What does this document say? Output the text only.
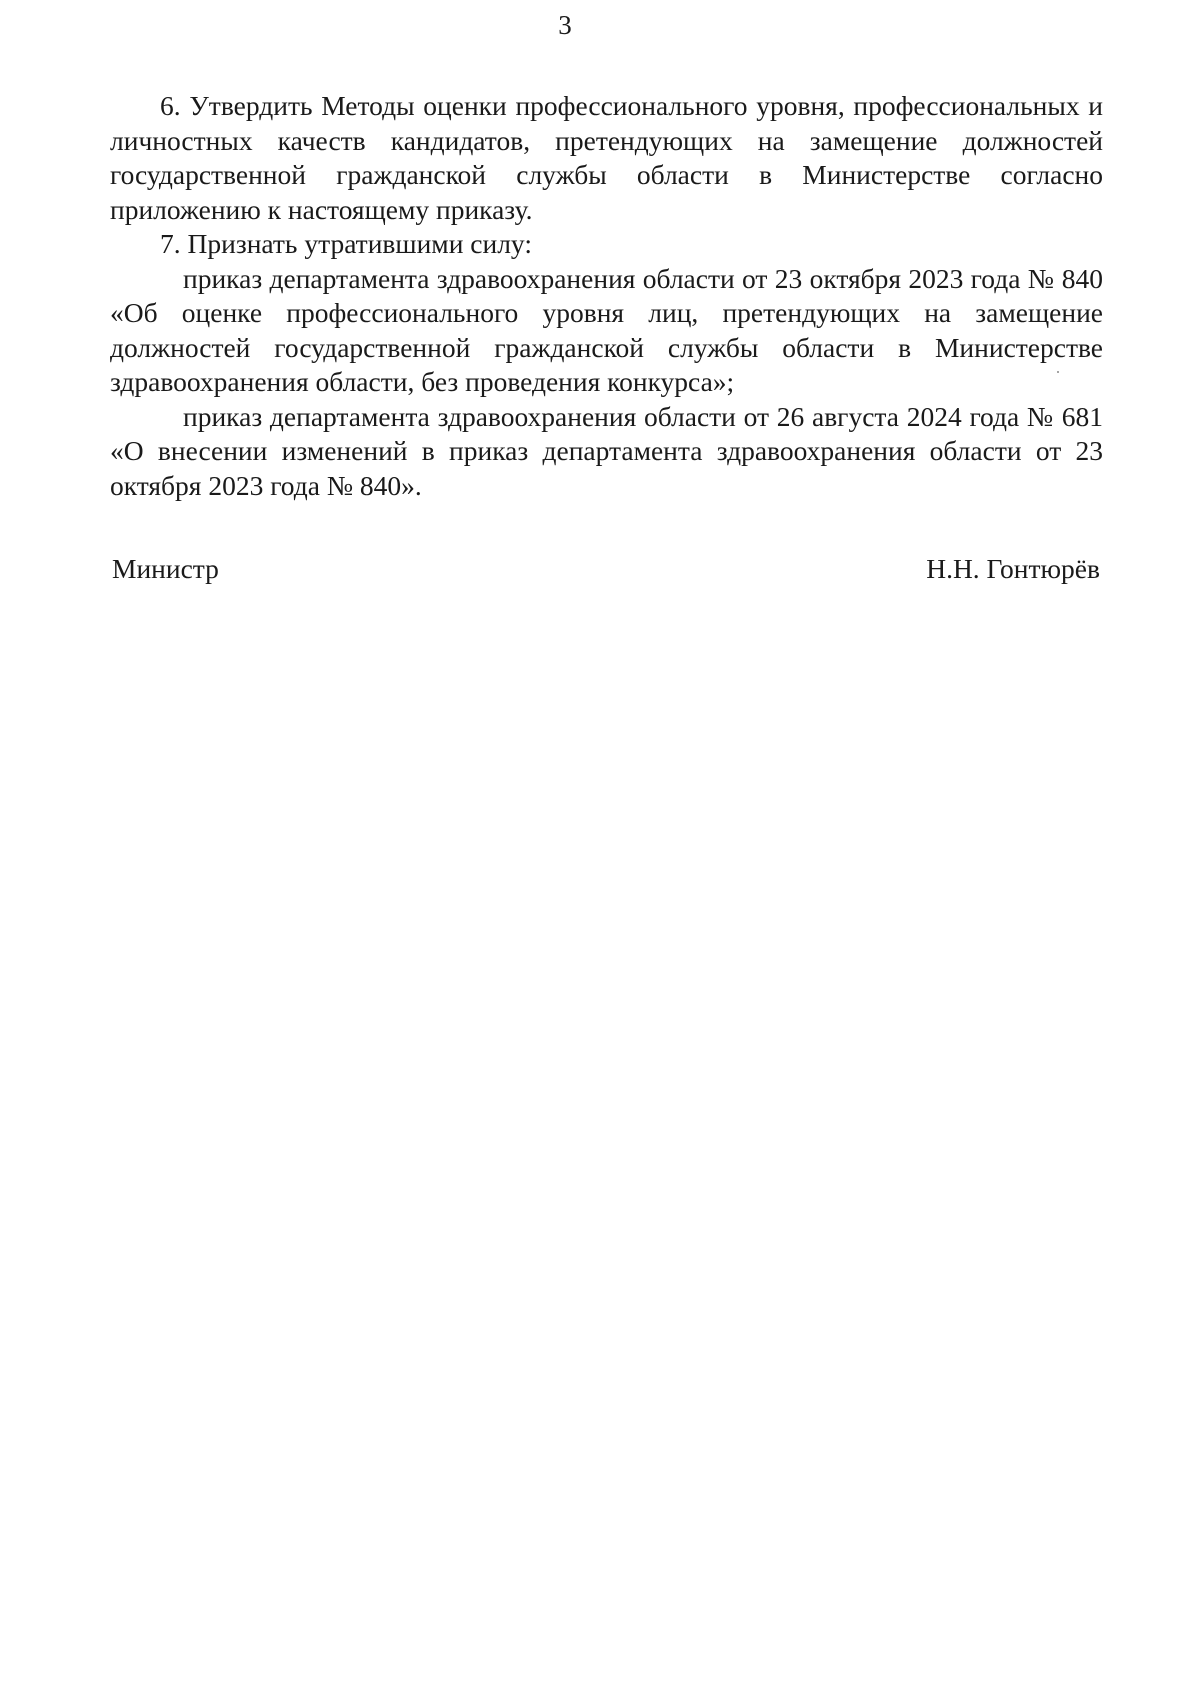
3

6. Утвердить Методы оценки профессионального уровня, профессиональных и личностных качеств кандидатов, претендующих на замещение должностей государственной гражданской службы области в Министерстве согласно приложению к настоящему приказу.

7. Признать утратившими силу:

приказ департамента здравоохранения области от 23 октября 2023 года № 840 «Об оценке профессионального уровня лиц, претендующих на замещение должностей государственной гражданской службы области в Министерстве здравоохранения области, без проведения конкурса»;

приказ департамента здравоохранения области от 26 августа 2024 года № 681 «О внесении изменений в приказ департамента здравоохранения области от 23 октября 2023 года № 840».

Министр	Н.Н. Гонтюрёв
